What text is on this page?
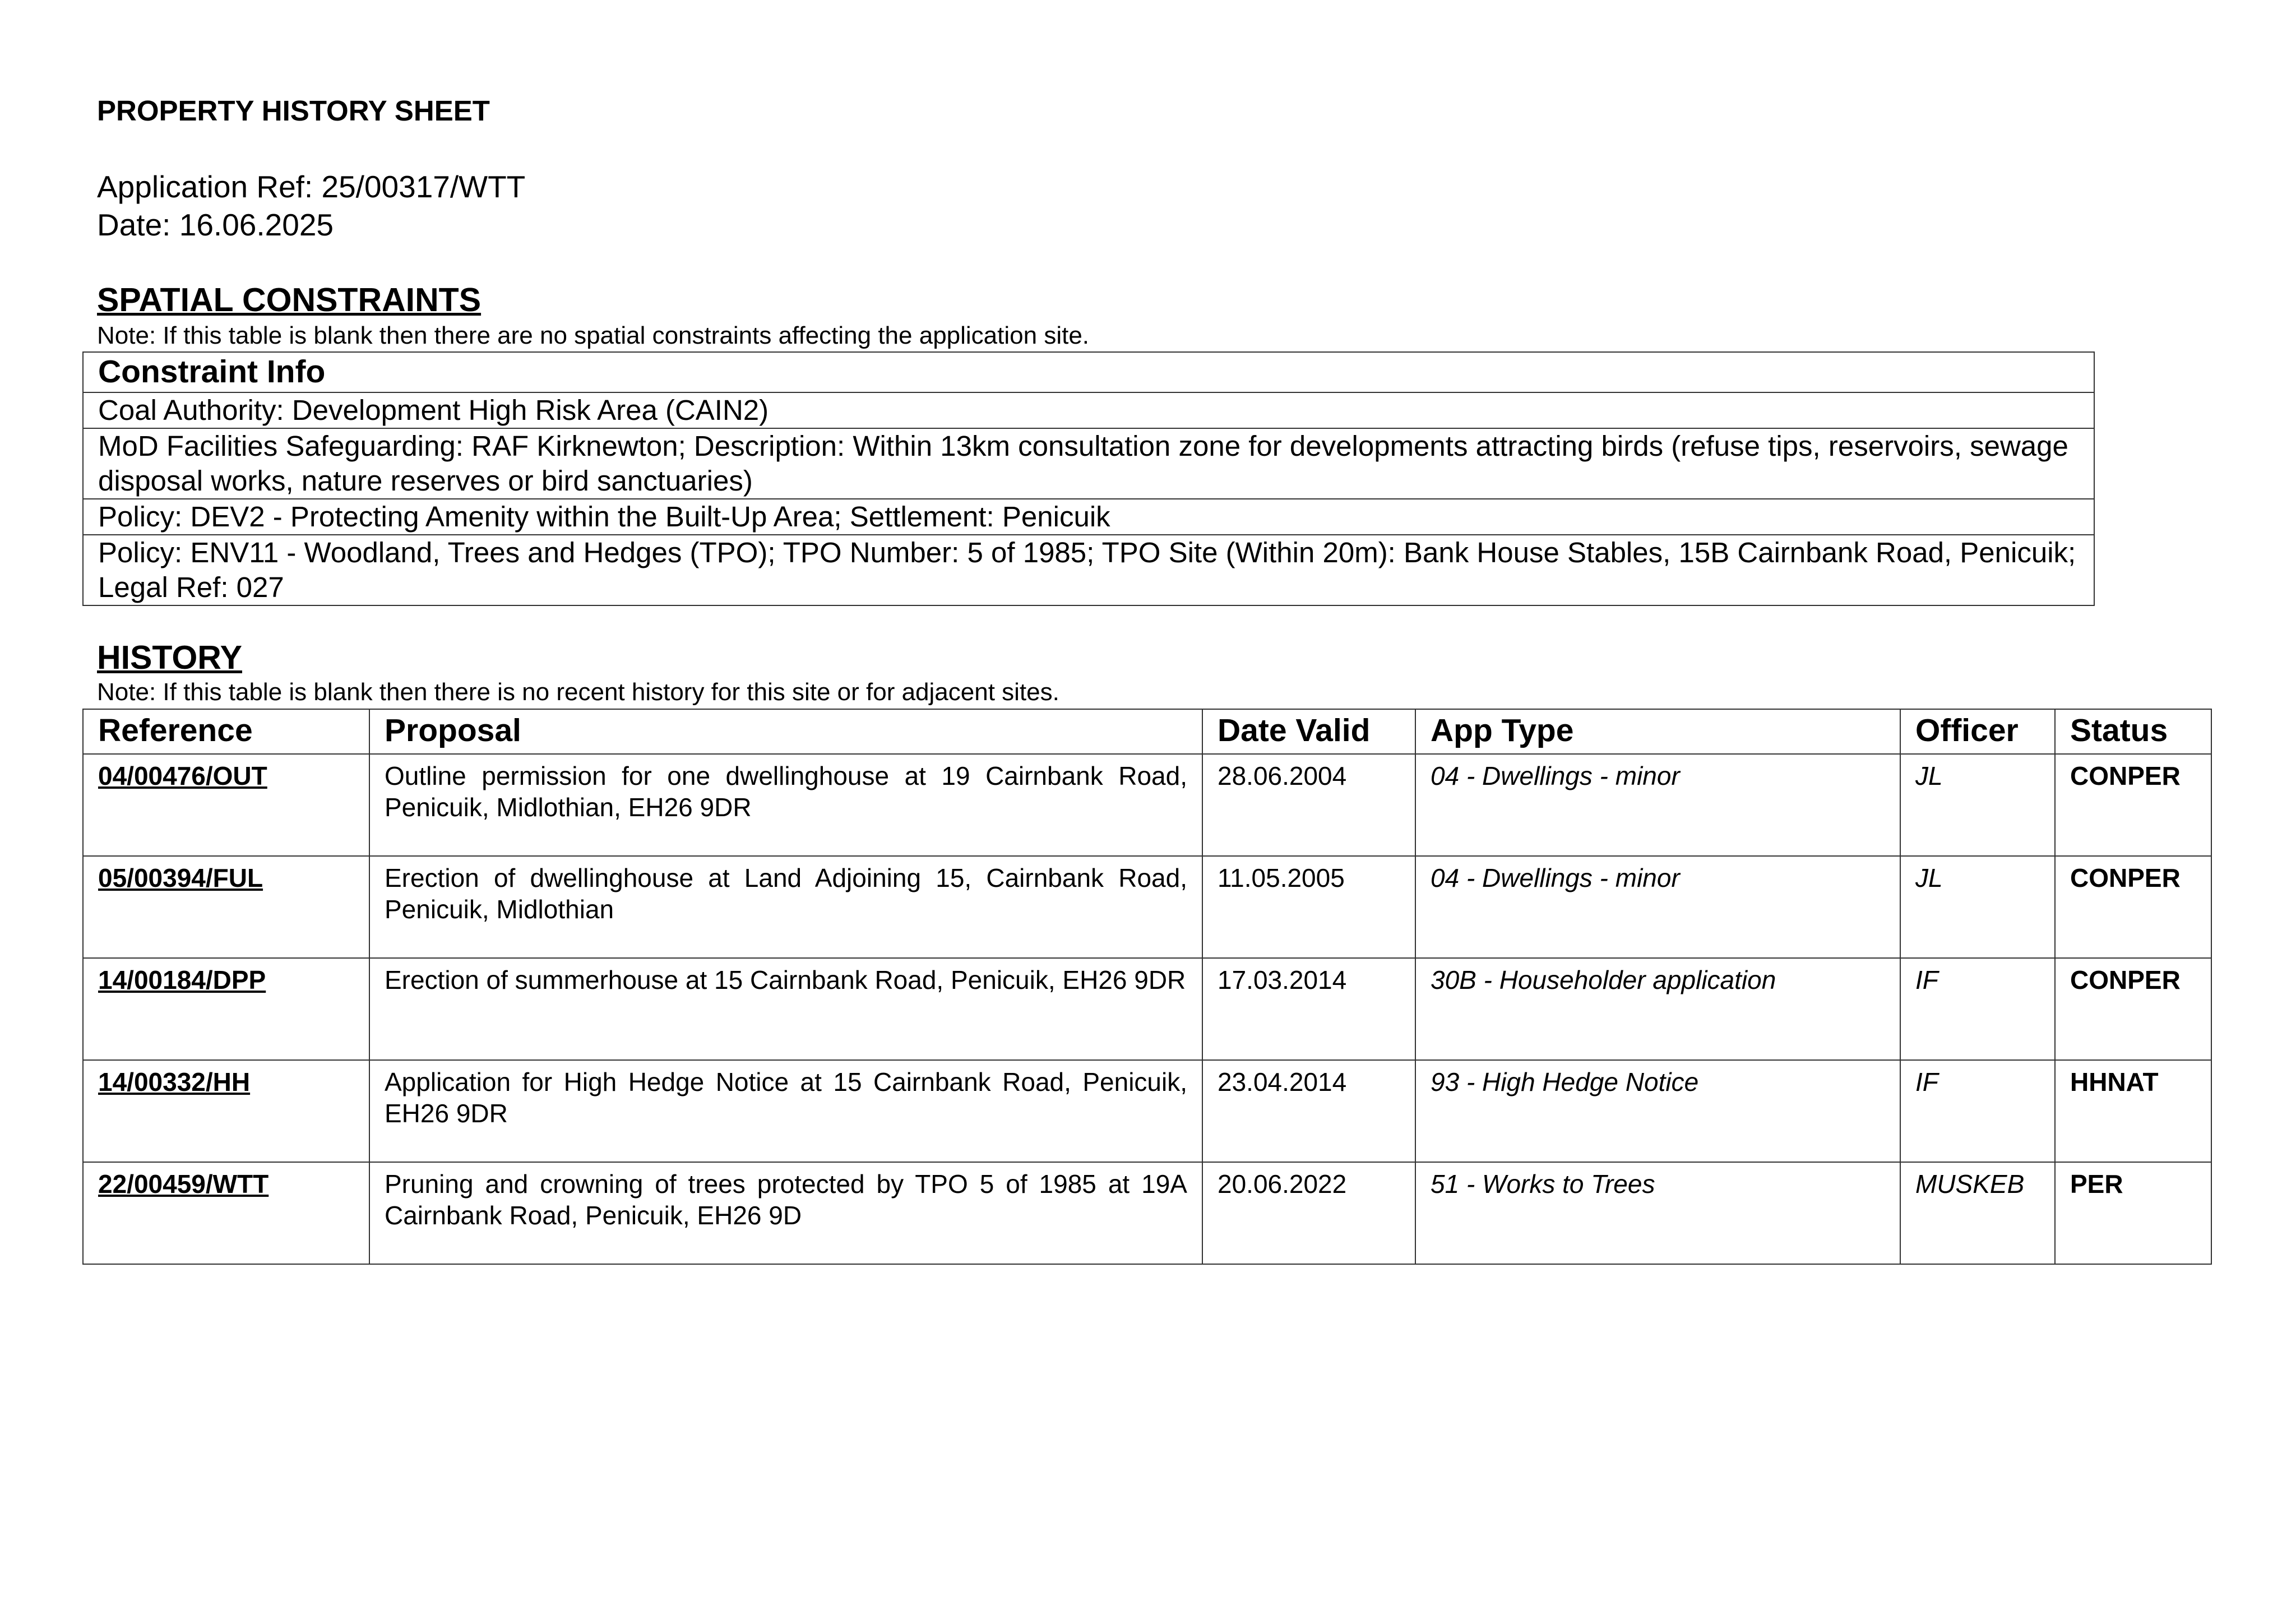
PROPERTY HISTORY SHEET
Application Ref: 25/00317/WTT
Date: 16.06.2025
SPATIAL CONSTRAINTS
Note: If this table is blank then there are no spatial constraints affecting the application site.
Constraint Info
Coal Authority: Development High Risk Area (CAIN2)
MoD Facilities Safeguarding: RAF Kirknewton; Description: Within 13km consultation zone for developments attracting birds (refuse tips, reservoirs, sewage disposal works, nature reserves or bird sanctuaries)
Policy: DEV2 - Protecting Amenity within the Built-Up Area; Settlement: Penicuik
Policy: ENV11 - Woodland, Trees and Hedges (TPO); TPO Number: 5 of 1985; TPO Site (Within 20m): Bank House Stables, 15B Cairnbank Road, Penicuik; Legal Ref: 027
HISTORY
Note: If this table is blank then there is no recent history for this site or for adjacent sites.
Reference	Proposal	Date Valid	App Type	Officer	Status
04/00476/OUT	Outline permission for one dwellinghouse at 19 Cairnbank Road, Penicuik, Midlothian, EH26 9DR	28.06.2004	04 - Dwellings - minor	JL	CONPER
05/00394/FUL	Erection of dwellinghouse at Land Adjoining 15, Cairnbank Road, Penicuik, Midlothian	11.05.2005	04 - Dwellings - minor	JL	CONPER
14/00184/DPP	Erection of summerhouse at 15 Cairnbank Road, Penicuik, EH26 9DR	17.03.2014	30B - Householder application	IF	CONPER
14/00332/HH	Application for High Hedge Notice at 15 Cairnbank Road, Penicuik, EH26 9DR	23.04.2014	93 - High Hedge Notice	IF	HHNAT
22/00459/WTT	Pruning and crowning of trees protected by TPO 5 of 1985 at 19A Cairnbank Road, Penicuik, EH26 9D	20.06.2022	51 - Works to Trees	MUSKEB	PER
